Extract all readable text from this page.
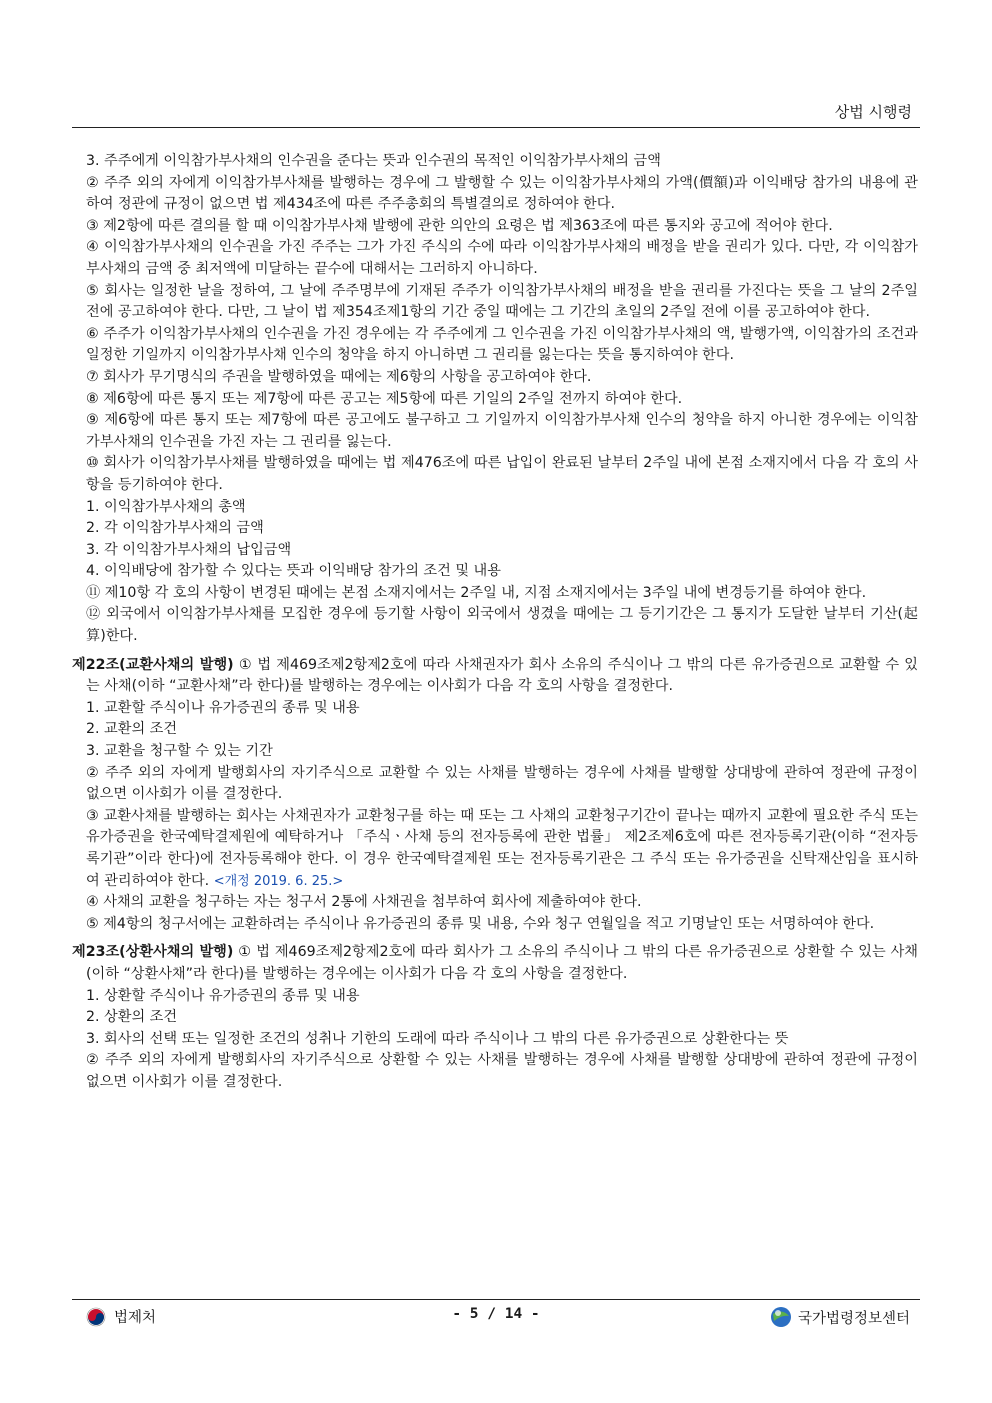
상법 시행령

3. 주주에게 이익참가부사채의 인수권을 준다는 뜻과 인수권의 목적인 이익참가부사채의 금액

② 주주 외의 자에게 이익참가부사채를 발행하는 경우에 그 발행할 수 있는 이익참가부사채의 가액(價額)과 이익배당 참가의 내용에 관하여 정관에 규정이 없으면 법 제434조에 따른 주주총회의 특별결의로 정하여야 한다.

③ 제2항에 따른 결의를 할 때 이익참가부사채 발행에 관한 의안의 요령은 법 제363조에 따른 통지와 공고에 적어야 한다.

④ 이익참가부사채의 인수권을 가진 주주는 그가 가진 주식의 수에 따라 이익참가부사채의 배정을 받을 권리가 있다. 다만, 각 이익참가부사채의 금액 중 최저액에 미달하는 끝수에 대해서는 그러하지 아니하다.

⑤ 회사는 일정한 날을 정하여, 그 날에 주주명부에 기재된 주주가 이익참가부사채의 배정을 받을 권리를 가진다는 뜻을 그 날의 2주일 전에 공고하여야 한다. 다만, 그 날이 법 제354조제1항의 기간 중일 때에는 그 기간의 초일의 2주일 전에 이를 공고하여야 한다.

⑥ 주주가 이익참가부사채의 인수권을 가진 경우에는 각 주주에게 그 인수권을 가진 이익참가부사채의 액, 발행가액, 이익참가의 조건과 일정한 기일까지 이익참가부사채 인수의 청약을 하지 아니하면 그 권리를 잃는다는 뜻을 통지하여야 한다.

⑦ 회사가 무기명식의 주권을 발행하였을 때에는 제6항의 사항을 공고하여야 한다.

⑧ 제6항에 따른 통지 또는 제7항에 따른 공고는 제5항에 따른 기일의 2주일 전까지 하여야 한다.

⑨ 제6항에 따른 통지 또는 제7항에 따른 공고에도 불구하고 그 기일까지 이익참가부사채 인수의 청약을 하지 아니한 경우에는 이익참가부사채의 인수권을 가진 자는 그 권리를 잃는다.

⑩ 회사가 이익참가부사채를 발행하였을 때에는 법 제476조에 따른 납입이 완료된 날부터 2주일 내에 본점 소재지에서 다음 각 호의 사항을 등기하여야 한다.

1. 이익참가부사채의 총액

2. 각 이익참가부사채의 금액

3. 각 이익참가부사채의 납입금액

4. 이익배당에 참가할 수 있다는 뜻과 이익배당 참가의 조건 및 내용

⑪ 제10항 각 호의 사항이 변경된 때에는 본점 소재지에서는 2주일 내, 지점 소재지에서는 3주일 내에 변경등기를 하여야 한다.

⑫ 외국에서 이익참가부사채를 모집한 경우에 등기할 사항이 외국에서 생겼을 때에는 그 등기기간은 그 통지가 도달한 날부터 기산(起算)한다.

제22조(교환사채의 발행) ① 법 제469조제2항제2호에 따라 사채권자가 회사 소유의 주식이나 그 밖의 다른 유가증권으로 교환할 수 있는 사채(이하 “교환사채”라 한다)를 발행하는 경우에는 이사회가 다음 각 호의 사항을 결정한다.

1. 교환할 주식이나 유가증권의 종류 및 내용

2. 교환의 조건

3. 교환을 청구할 수 있는 기간

② 주주 외의 자에게 발행회사의 자기주식으로 교환할 수 있는 사채를 발행하는 경우에 사채를 발행할 상대방에 관하여 정관에 규정이 없으면 이사회가 이를 결정한다.

③ 교환사채를 발행하는 회사는 사채권자가 교환청구를 하는 때 또는 그 사채의 교환청구기간이 끝나는 때까지 교환에 필요한 주식 또는 유가증권을 한국예탁결제원에 예탁하거나 「주식ㆍ사채 등의 전자등록에 관한 법률」 제2조제6호에 따른 전자등록기관(이하 “전자등록기관”이라 한다)에 전자등록해야 한다. 이 경우 한국예탁결제원 또는 전자등록기관은 그 주식 또는 유가증권을 신탁재산임을 표시하여 관리하여야 한다. <개정 2019. 6. 25.>

④ 사채의 교환을 청구하는 자는 청구서 2통에 사채권을 첨부하여 회사에 제출하여야 한다.

⑤ 제4항의 청구서에는 교환하려는 주식이나 유가증권의 종류 및 내용, 수와 청구 연월일을 적고 기명날인 또는 서명하여야 한다.

제23조(상환사채의 발행) ① 법 제469조제2항제2호에 따라 회사가 그 소유의 주식이나 그 밖의 다른 유가증권으로 상환할 수 있는 사채(이하 “상환사채”라 한다)를 발행하는 경우에는 이사회가 다음 각 호의 사항을 결정한다.

1. 상환할 주식이나 유가증권의 종류 및 내용

2. 상환의 조건

3. 회사의 선택 또는 일정한 조건의 성취나 기한의 도래에 따라 주식이나 그 밖의 다른 유가증권으로 상환한다는 뜻

② 주주 외의 자에게 발행회사의 자기주식으로 상환할 수 있는 사채를 발행하는 경우에 사채를 발행할 상대방에 관하여 정관에 규정이 없으면 이사회가 이를 결정한다.

법제처	- 5 / 14 -	국가법령정보센터
